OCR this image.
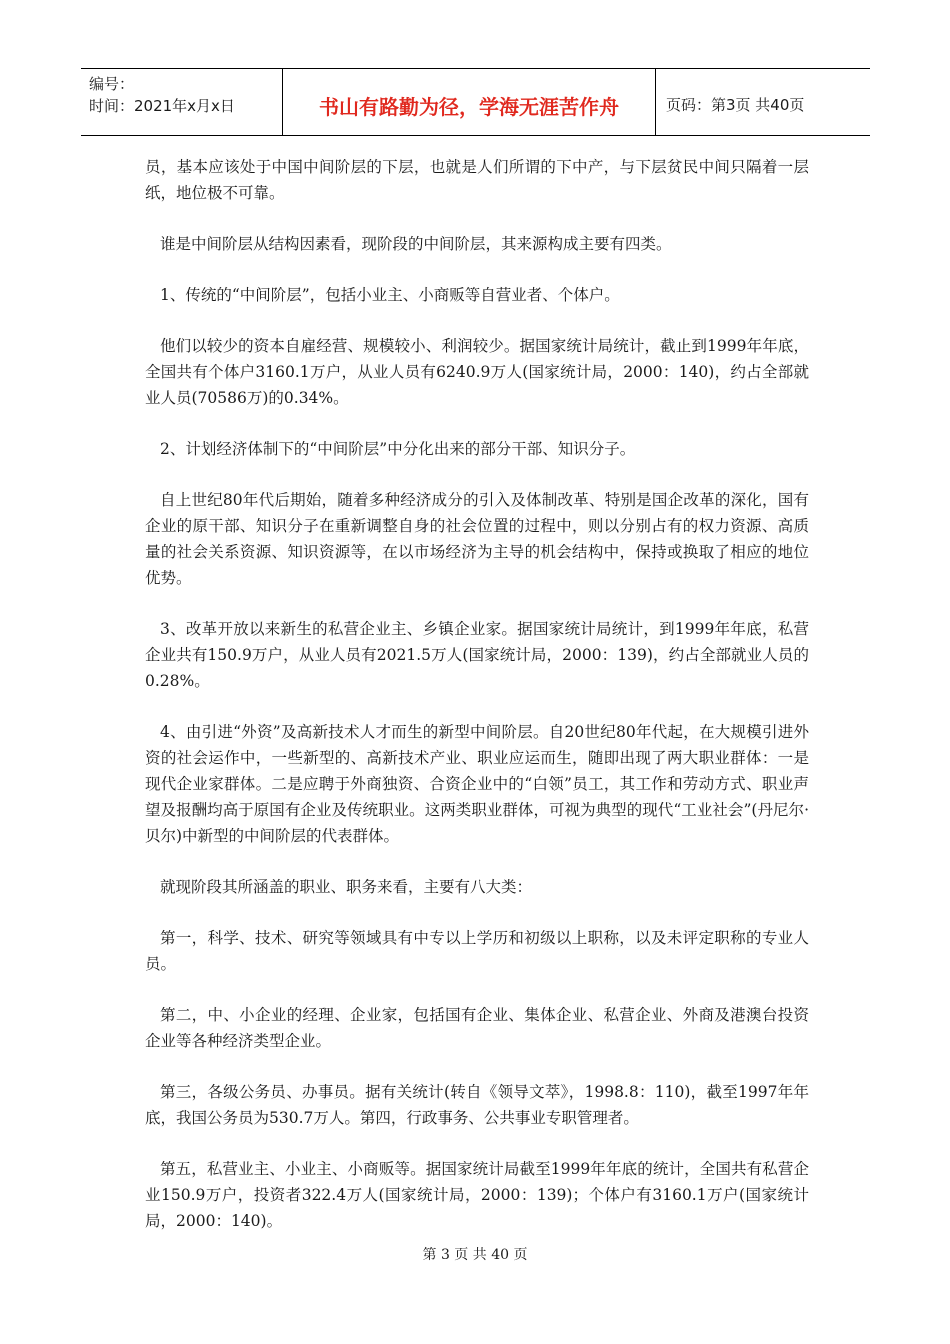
编号：
时间：2021年x月x日	书山有路勤为径，学海无涯苦作舟	页码：第3页 共40页

员，基本应该处于中国中间阶层的下层，也就是人们所谓的下中产，与下层贫民中间只隔着一层纸，地位极不可靠。

谁是中间阶层从结构因素看，现阶段的中间阶层，其来源构成主要有四类。

1、传统的“中间阶层”，包括小业主、小商贩等自营业者、个体户。

他们以较少的资本自雇经营、规模较小、利润较少。据国家统计局统计，截止到1999年年底，全国共有个体户3160.1万户，从业人员有6240.9万人(国家统计局，2000：140)，约占全部就业人员(70586万)的0.34%。

2、计划经济体制下的“中间阶层”中分化出来的部分干部、知识分子。

自上世纪80年代后期始，随着多种经济成分的引入及体制改革、特别是国企改革的深化，国有企业的原干部、知识分子在重新调整自身的社会位置的过程中，则以分别占有的权力资源、高质量的社会关系资源、知识资源等，在以市场经济为主导的机会结构中，保持或换取了相应的地位优势。

3、改革开放以来新生的私营企业主、乡镇企业家。据国家统计局统计，到1999年年底，私营企业共有150.9万户，从业人员有2021.5万人(国家统计局，2000：139)，约占全部就业人员的0.28%。

4、由引进“外资”及高新技术人才而生的新型中间阶层。自20世纪80年代起，在大规模引进外资的社会运作中，一些新型的、高新技术产业、职业应运而生，随即出现了两大职业群体：一是现代企业家群体。二是应聘于外商独资、合资企业中的“白领”员工，其工作和劳动方式、职业声望及报酬均高于原国有企业及传统职业。这两类职业群体，可视为典型的现代“工业社会”(丹尼尔·贝尔)中新型的中间阶层的代表群体。

就现阶段其所涵盖的职业、职务来看，主要有八大类：

第一，科学、技术、研究等领域具有中专以上学历和初级以上职称，以及未评定职称的专业人员。

第二，中、小企业的经理、企业家，包括国有企业、集体企业、私营企业、外商及港澳台投资企业等各种经济类型企业。

第三，各级公务员、办事员。据有关统计(转自《领导文萃》，1998.8：110)，截至1997年年底，我国公务员为530.7万人。第四，行政事务、公共事业专职管理者。

第五，私营业主、小业主、小商贩等。据国家统计局截至1999年年底的统计，全国共有私营企业150.9万户，投资者322.4万人(国家统计局，2000：139)；个体户有3160.1万户(国家统计局，2000：140)。

第 3 页 共 40 页
